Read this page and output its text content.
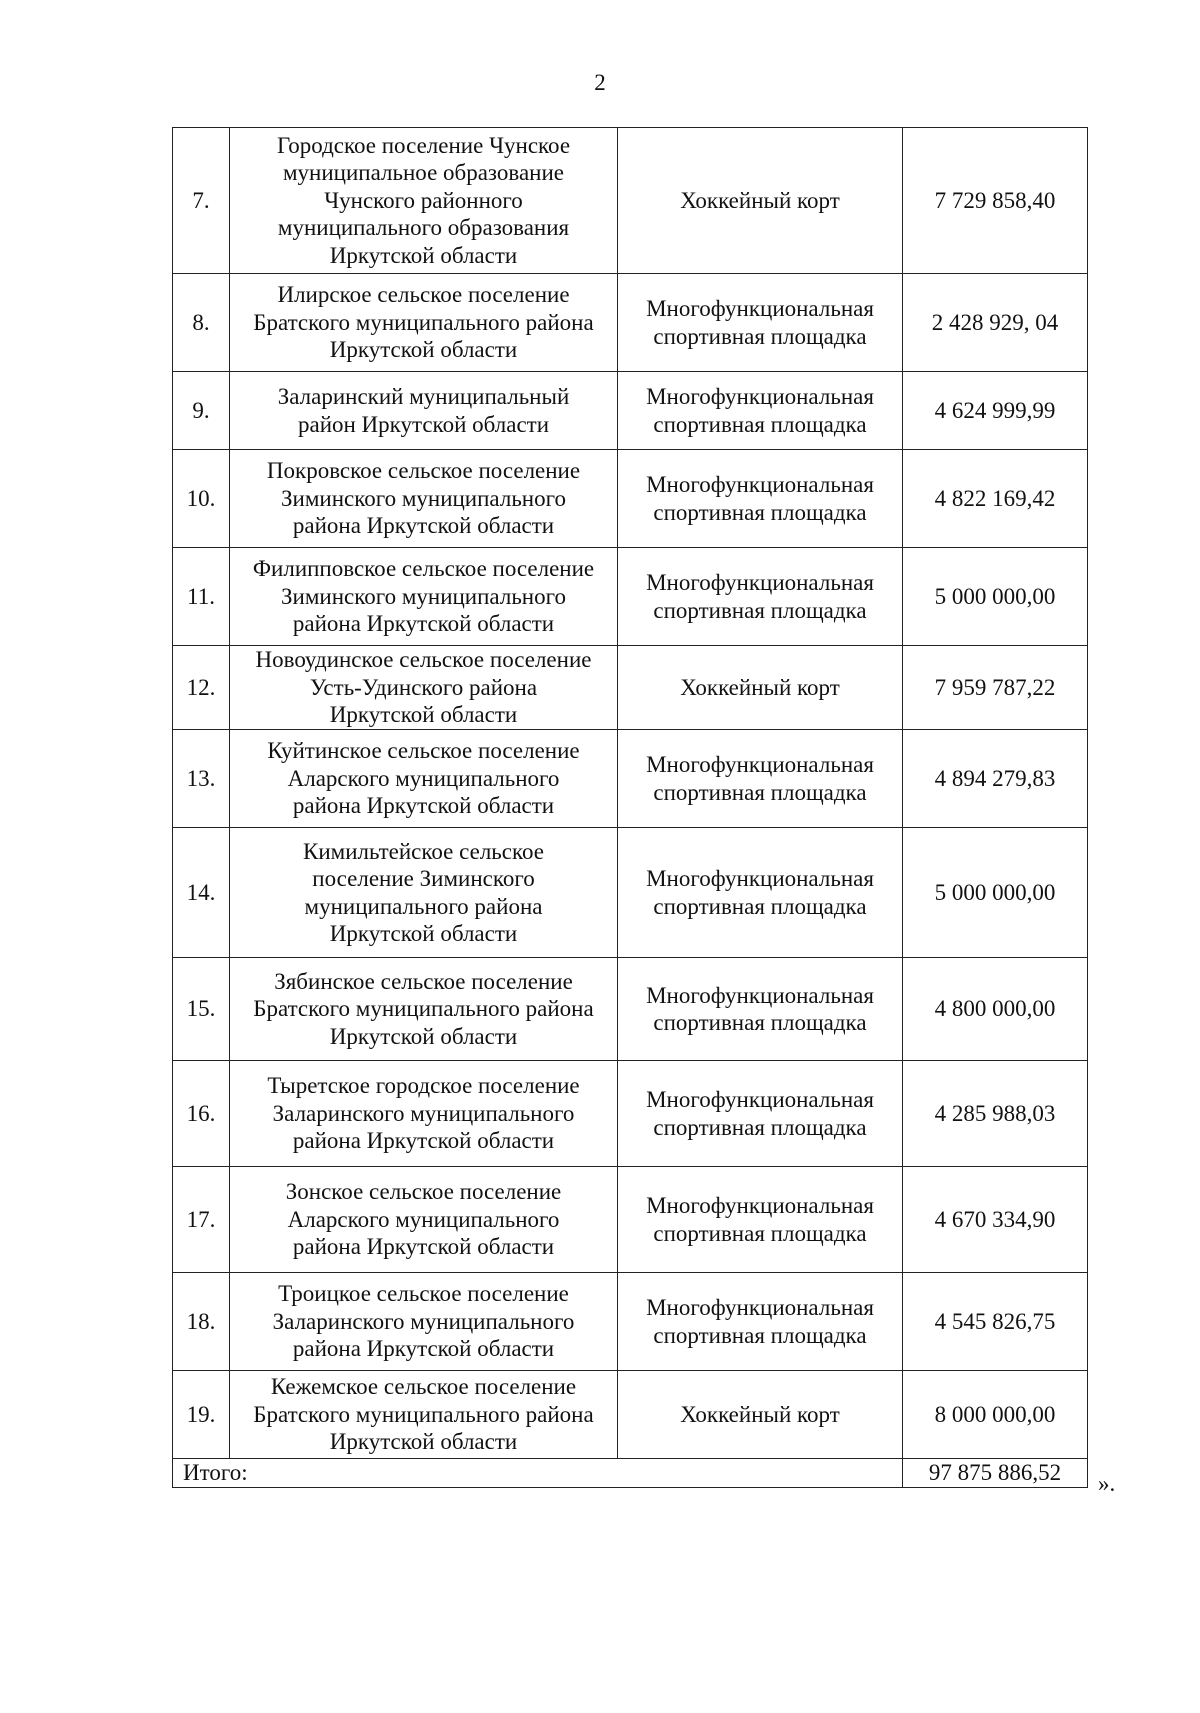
2
7.	Городское поселение Чунское
муниципальное образование
Чунского районного
муниципального образования
Иркутской области	Хоккейный корт	7 729 858,40
8.	Илирское сельское поселение
Братского муниципального района
Иркутской области	Многофункциональная
спортивная площадка	2 428 929, 04
9.	Заларинский муниципальный
район Иркутской области	Многофункциональная
спортивная площадка	4 624 999,99
10.	Покровское сельское поселение
Зиминского муниципального
района Иркутской области	Многофункциональная
спортивная площадка	4 822 169,42
11.	Филипповское сельское поселение
Зиминского муниципального
района Иркутской области	Многофункциональная
спортивная площадка	5 000 000,00
12.	Новоудинское сельское поселение
Усть-Удинского района
Иркутской области	Хоккейный корт	7 959 787,22
13.	Куйтинское сельское поселение
Аларского муниципального
района Иркутской области	Многофункциональная
спортивная площадка	4 894 279,83
14.	Кимильтейское сельское
поселение Зиминского
муниципального района
Иркутской области	Многофункциональная
спортивная площадка	5 000 000,00
15.	Зябинское сельское поселение
Братского муниципального района
Иркутской области	Многофункциональная
спортивная площадка	4 800 000,00
16.	Тыретское городское поселение
Заларинского муниципального
района Иркутской области	Многофункциональная
спортивная площадка	4 285 988,03
17.	Зонское сельское поселение
Аларского муниципального
района Иркутской области	Многофункциональная
спортивная площадка	4 670 334,90
18.	Троицкое сельское поселение
Заларинского муниципального
района Иркутской области	Многофункциональная
спортивная площадка	4 545 826,75
19.	Кежемское сельское поселение
Братского муниципального района
Иркутской области	Хоккейный корт	8 000 000,00
Итого:			97 875 886,52 ».
